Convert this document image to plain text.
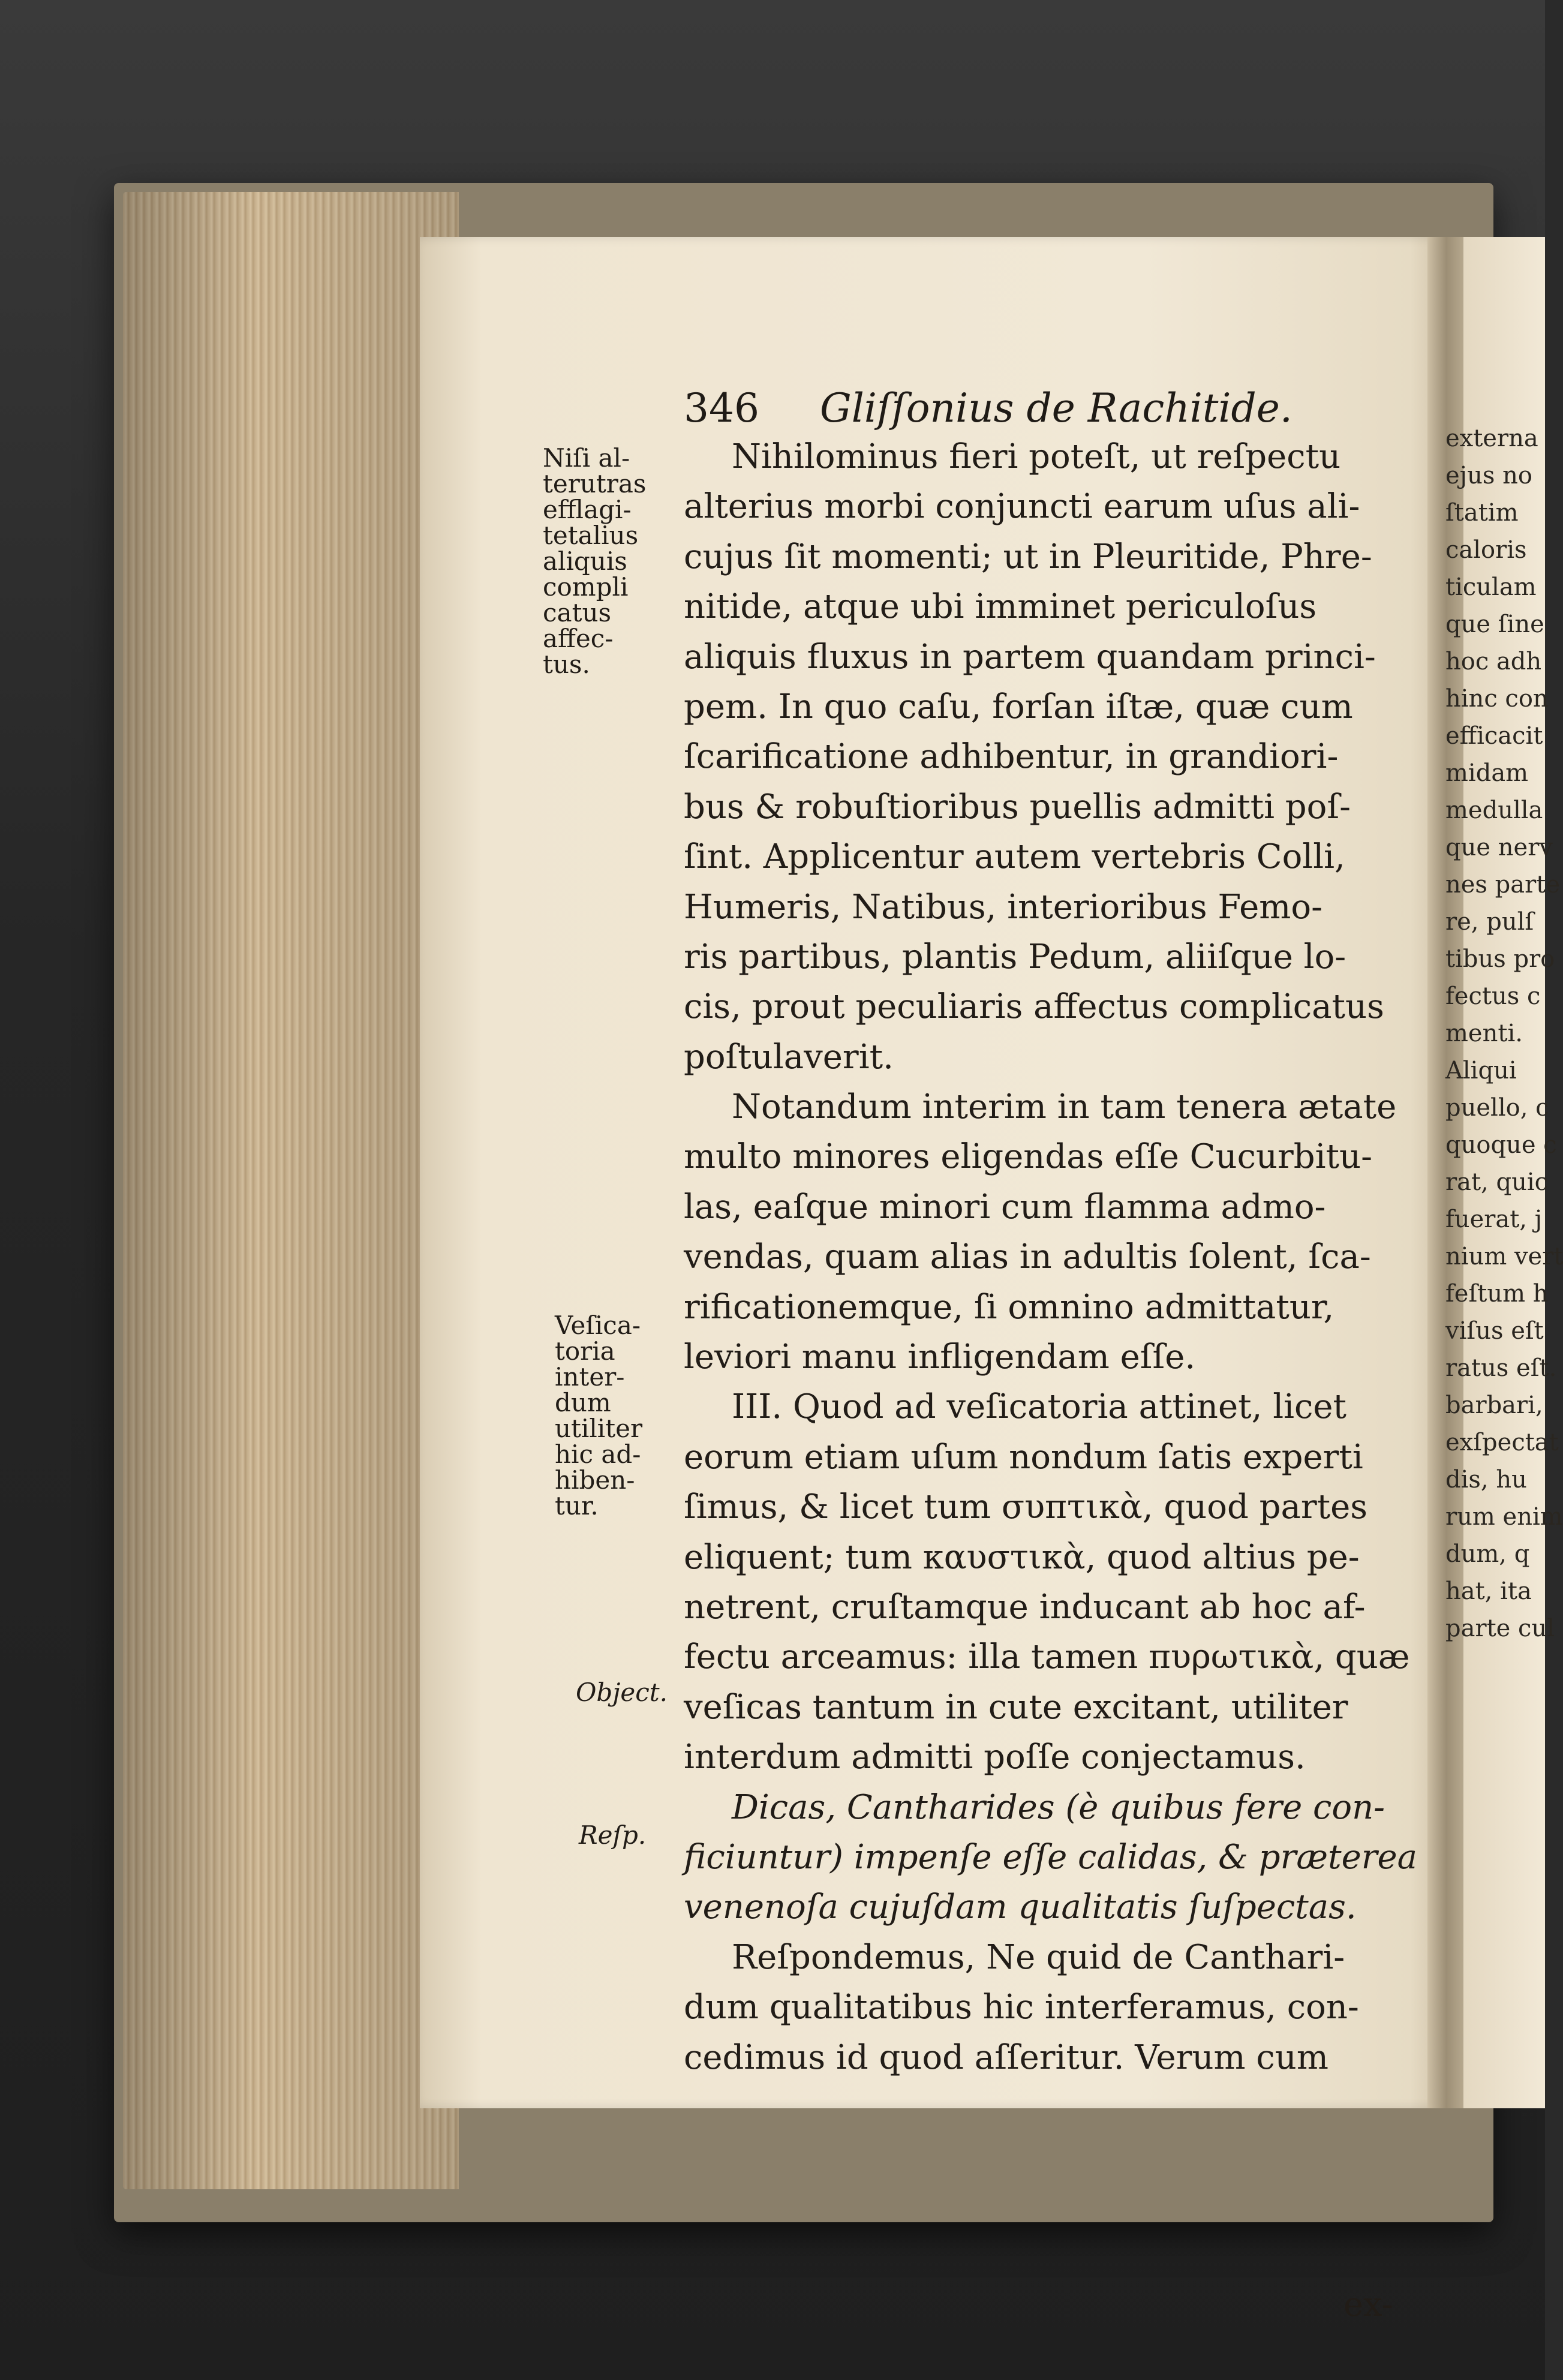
346 Gliſſonius de Rachitide.
Nihilominus fieri poteſt, ut reſpectu
alterius morbi conjuncti earum uſus ali-
cujus ſit momenti; ut in Pleuritide, Phre-
nitide, atque ubi imminet periculoſus
aliquis fluxus in partem quandam princi-
pem. In quo caſu, forſan iſtæ, quæ cum
ſcarificatione adhibentur, in grandiori-
bus & robuſtioribus puellis admitti poſ-
ſint. Applicentur autem vertebris Colli,
Humeris, Natibus, interioribus Femo-
ris partibus, plantis Pedum, aliiſque lo-
cis, prout peculiaris affectus complicatus
poſtulaverit.
Notandum interim in tam tenera ætate
multo minores eligendas eſſe Cucurbitu-
las, eaſque minori cum flamma admo-
vendas, quam alias in adultis ſolent, ſca-
rificationemque, ſi omnino admittatur,
leviori manu infligendam eſſe.
III. Quod ad veſicatoria attinet, licet
eorum etiam uſum nondum ſatis experti
ſimus, & licet tum συπτικὰ, quod partes
eliquent; tum καυστικὰ, quod altius pe-
netrent, cruſtamque inducant ab hoc af-
fectu arceamus: illa tamen πυρωτικὰ, quæ
veſicas tantum in cute excitant, utiliter
interdum admitti poſſe conjectamus.
Dicas, Cantharides (è quibus fere con-
ficiuntur) impenſe eſſe calidas, & præterea
venenoſa cujuſdam qualitatis ſuſpectas.
Reſpondemus, Ne quid de Canthari-
dum qualitatibus hic interferamus, con-
cedimus id quod aſſeritur. Verum cum
ex-
Niſi al-
terutras
efflagi-
tetalius
aliquis
compli
catus
affec-
tus.
Veſica-
toria
inter-
dum
utiliter
hic ad-
hiben-
tur.
Object.
Reſp.
externa
ejus no
ſtatim
caloris
ticulam
que ſine
hoc adh
hinc con
efficacit
midam
medulla
que nerv
nes parte
re, pulſ
tibus pro
fectus c
menti.
Aliqui
puello, c
quoque c
rat, quic
fuerat, j
nium vert
feſtum h
viſus eſt
ratus eſt.
barbari,
exſpectat
dis, hu
rum enim
dum, q
hat, ita
parte cul
